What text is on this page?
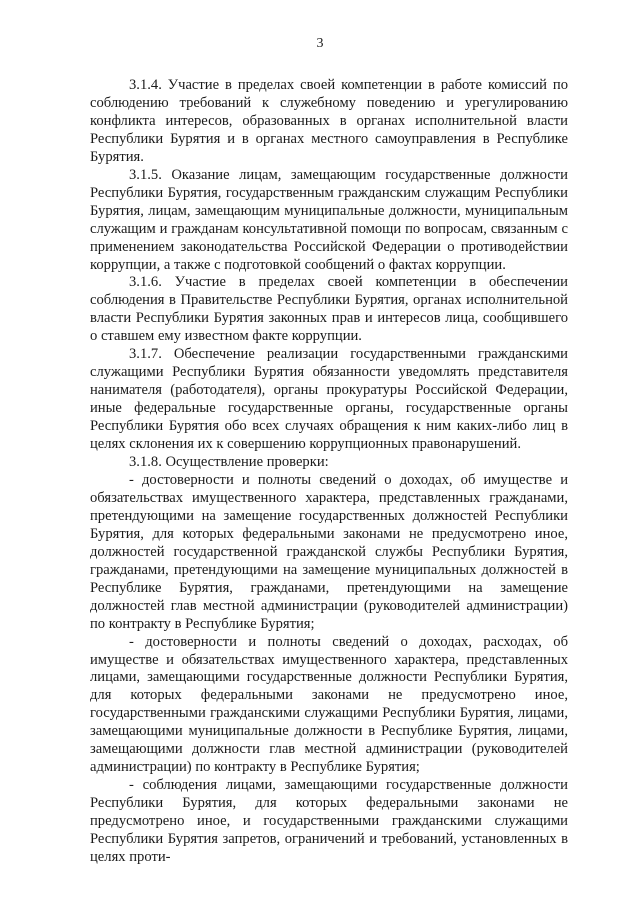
3

3.1.4. Участие в пределах своей компетенции в работе комиссий по соблюдению требований к служебному поведению и урегулированию конфликта интересов, образованных в органах исполнительной власти Республики Бурятия и в органах местного самоуправления в Республике Бурятия.

3.1.5. Оказание лицам, замещающим государственные должности Республики Бурятия, государственным гражданским служащим Республики Бурятия, лицам, замещающим муниципальные должности, муниципальным служащим и гражданам консультативной помощи по вопросам, связанным с применением законодательства Российской Федерации о противодействии коррупции, а также с подготовкой сообщений о фактах коррупции.

3.1.6. Участие в пределах своей компетенции в обеспечении соблюдения в Правительстве Республики Бурятия, органах исполнительной власти Республики Бурятия законных прав и интересов лица, сообщившего о ставшем ему известном факте коррупции.

3.1.7. Обеспечение реализации государственными гражданскими служащими Республики Бурятия обязанности уведомлять представителя нанимателя (работодателя), органы прокуратуры Российской Федерации, иные федеральные государственные органы, государственные органы Республики Бурятия обо всех случаях обращения к ним каких-либо лиц в целях склонения их к совершению коррупционных правонарушений.

3.1.8. Осуществление проверки:

- достоверности и полноты сведений о доходах, об имуществе и обязательствах имущественного характера, представленных гражданами, претендующими на замещение государственных должностей Республики Бурятия, для которых федеральными законами не предусмотрено иное, должностей государственной гражданской службы Республики Бурятия, гражданами, претендующими на замещение муниципальных должностей в Республике Бурятия, гражданами, претендующими на замещение должностей глав местной администрации (руководителей администрации) по контракту в Республике Бурятия;

- достоверности и полноты сведений о доходах, расходах, об имуществе и обязательствах имущественного характера, представленных лицами, замещающими государственные должности Республики Бурятия, для которых федеральными законами не предусмотрено иное, государственными гражданскими служащими Республики Бурятия, лицами, замещающими муниципальные должности в Республике Бурятия, лицами, замещающими должности глав местной администрации (руководителей администрации) по контракту в Республике Бурятия;

- соблюдения лицами, замещающими государственные должности Республики Бурятия, для которых федеральными законами не предусмотрено иное, и государственными гражданскими служащими Республики Бурятия запретов, ограничений и требований, установленных в целях проти-
